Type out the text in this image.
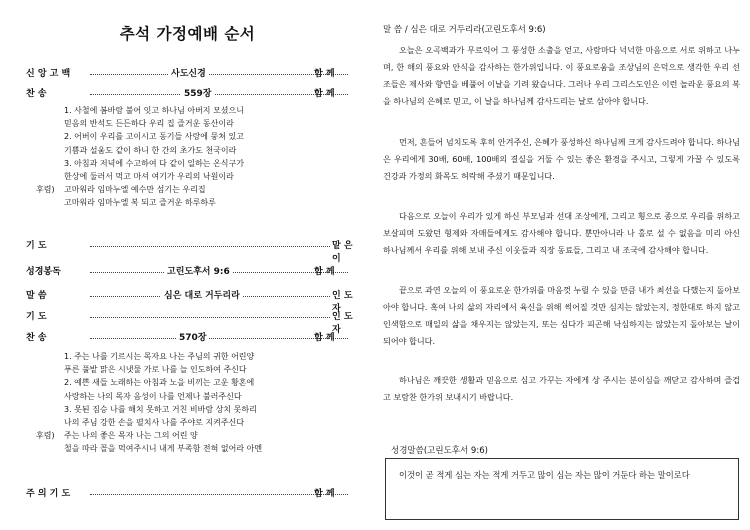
추석 가정예배 순서
신 앙 고 백	사도신경	함 께
찬 송	559장	함 께
1. 사철에 봄바람 불어 잇고 하나님 아버지 모셨으니
믿음의 반석도 든든하다 우리 집 즐거운 동산이라
2. 어버이 우리를 고이시고 동기들 사랑에 뭉쳐 있고
기쁨과 설움도 같이 하니 한 간의 초가도 천국이라
3. 아침과 저녁에 수고하여 다 같이 일하는 온식구가
한상에 둘러서 먹고 마셔 여기가 우리의 낙원이라
후렴) 고마워라 임마누엘 예수만 섬기는 우리집
고마워라 임마누엘 복 되고 즐거운 하루하루
기 도	맡 은 이
성경봉독	고린도후서 9:6	함 께
말 씀	심은 대로 거두리라	인 도 자
기 도	인 도 자
찬 송	570장	함 께
1. 주는 나를 기르시는 목자요 나는 주님의 귀한 어린양
푸른 풀밭 맑은 시냇물 가로 나를 늘 인도하여 주신다
2. 예쁜 새들 노래하는 아침과 노을 비끼는 고운 황혼에
사랑하는 나의 목자 음성이 나를 언제나 불러주신다
3. 못된 짐승 나를 해치 못하고 거친 비바람 상치 못하리
나의 주님 강한 손을 펼치사 나를 주야로 지켜주신다
후렴) 주는 나의 좋은 목자 나는 그의 어린 양
철을 따라 꼴을 먹여주시니 내게 부족함 전혀 없어라 아멘
주 의 기 도	함 께
말 씀 / 심은 대로 거두리라(고린도후서 9:6)
오늘은 오곡백과가 무르익어 그 풍성한 소출을 얻고, 사람마다 넉넉한 마음으로 서로 위하고 나누며, 한 해의 풍요와 안식을 감사하는 한가위입니다. 이 풍요로움을 조상님의 은덕으로 생각한 우리 선조들은 제사와 향연을 베풀어 이날을 기려 왔습니다. 그러나 우리 그리스도인은 이런 놀라운 풍요의 복을 하나님의 은혜로 믿고, 이 날을 하나님께 감사드리는 날로 삼아야 합니다.
먼저, 흔들어 넘치도록 후히 안겨주신, 은혜가 풍성하신 하나님께 크게 감사드려야 합니다. 하나님은 우리에게 30배, 60배, 100배의 결실을 거둘 수 있는 좋은 환경을 주시고, 그렇게 가꿀 수 있도록 건강과 가정의 화목도 허락해 주셨기 때문입니다.
다음으로 오늘이 우리가 있게 하신 부모님과 선대 조상에게, 그리고 횡으로 종으로 우리를 위하고 보살피며 도왔던 형제와 자매들에게도 감사해야 합니다. 뿐만아니라 나 홀로 설 수 없음을 미리 아신 하나님께서 우리를 위해 보내 주신 이웃들과 직장 동료들, 그리고 내 조국에 감사해야 합니다.
끝으로 과연 오늘의 이 풍요로운 한가위를 마음껏 누릴 수 있을 만큼 내가 최선을 다했는지 돌아보아야 합니다. 혹여 나의 삶의 자리에서 육신을 위해 썩어질 것만 심지는 않았는지, 정한대로 하지 않고 인색함으로 매일의 삶을 채우지는 않았는지, 또는 심다가 피곤해 낙심하지는 않았는지 돌아보는 날이 되어야 합니다.
하나님은 깨끗한 생활과 믿음으로 심고 가꾸는 자에게 상 주시는 분이심을 깨닫고 감사하며 즐겁고 보람찬 한가위 보내시기 바랍니다.
성경말씀(고린도후서 9:6)
이것이 곧 적게 심는 자는 적게 거두고 많이 심는 자는 많이 거둔다 하는 말이로다
